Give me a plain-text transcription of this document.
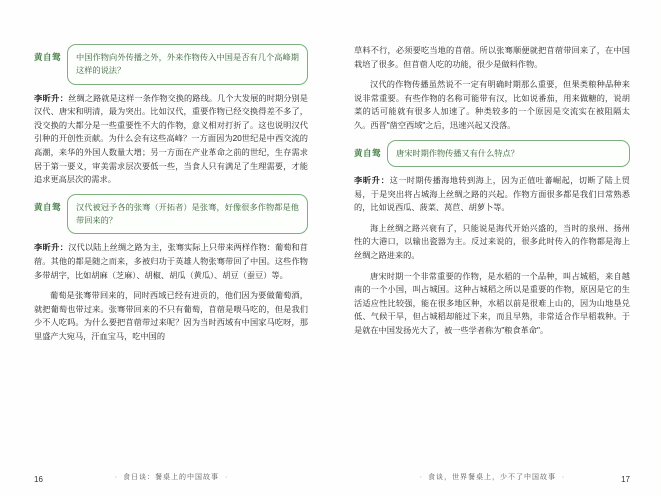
黄自鸳	中国作物向外传播之外，外来作物传入中国是否有几个高峰期这样的说法？
李昕升：丝绸之路就是这样一条作物交换的路线。几个大发展的时期分别是汉代、唐宋和明清，最为突出。比如汉代，重要作物已经交换得差不多了，没交换的大都分是一些重要性不大的作物，意义相对打折了。这也说明汉代引种的开创性贡献。为什么会有这些高峰？一方面因为20世纪是中西交流的高潮，来华的外国人数量大增；另一方面在产业革命之前的世纪，生存需求居于第一要义，审美需求层次要低一些，当食人只有满足了生理需要，才能追求更高层次的需求。
黄自鸳	汉代被冠予各的张骞（开拓者）是张骞，好像很多作物都是他带回来的？
李昕升：汉代以陆上丝绸之路为主，张骞实际上只带来两样作物：葡萄和苜蓿。其他的都是随之而来，多被归功于英雄人物张骞带回了中国。这些作物多带胡字，比如胡麻（芝麻）、胡椒、胡瓜（黄瓜）、胡豆（蚕豆）等。
葡萄是张骞带回来的，同时西域已经有进贡的，他们因为要做葡萄酒，就把葡萄也带过来。张骞带回来的不只有葡萄，苜蓿是喂马吃的，但是我们少不人吃吗。为什么要把苜蓿带过来呢？因为当时西域有中国家马吃呀，那里盛产大宛马，汗血宝马，吃中国的
· 食日谈：餐桌上的中国故事 ·
16
草料不行，必须要吃当地的苜蓿。所以张骞顺便就把苜蓿带回来了，在中国栽培了很多。但苜蓿人吃的功能，很少是做料作物。
汉代的作物传播虽然说不一定有明确时期那么重要，但果类粮种品种来说非常重要。有些作物的名称可能带有汉，比如说番茄，用来做糖的，说胡菜的话可能就有很多人加速了。种类较多的一个原因是交流实在被阻隔太久。西晋"凿空西域"之后，迅速兴起又没落。
黄自鸳	唐宋时期作物传播又有什么特点？
李昕升：这一时期传播海地转到海上，因为正值吐蕃崛起，切断了陆上贸易，于是突出将占城海上丝绸之路的兴起。作物方面很多都是我们日常熟悉的，比如说西瓜、菠菜、莴苣、胡萝卜等。
海上丝绸之路兴衰有了，只能说是海代开始兴盛的，当时的泉州、扬州性的大港口，以输出瓷器为主。反过来说的，很多此时传入的作物都是海上丝绸之路进来的。
唐宋时期一个非常重要的作物，是水稻的一个品种，叫占城稻，来自越南的一个小国，叫占城国。这种占城稻之所以是重要的作物，原因是它的生活适应性比较强，能在很多地区种，水稻以前是很难上山的，因为山地垦兑低、气候干旱，但占城稻却能过下来，而且早熟，非常适合作早稻栽种。于是就在中国发扬光大了，被一些学者称为"粮食革命"。
· 食谈，世界餐桌上，少不了中国故事 ·	17
